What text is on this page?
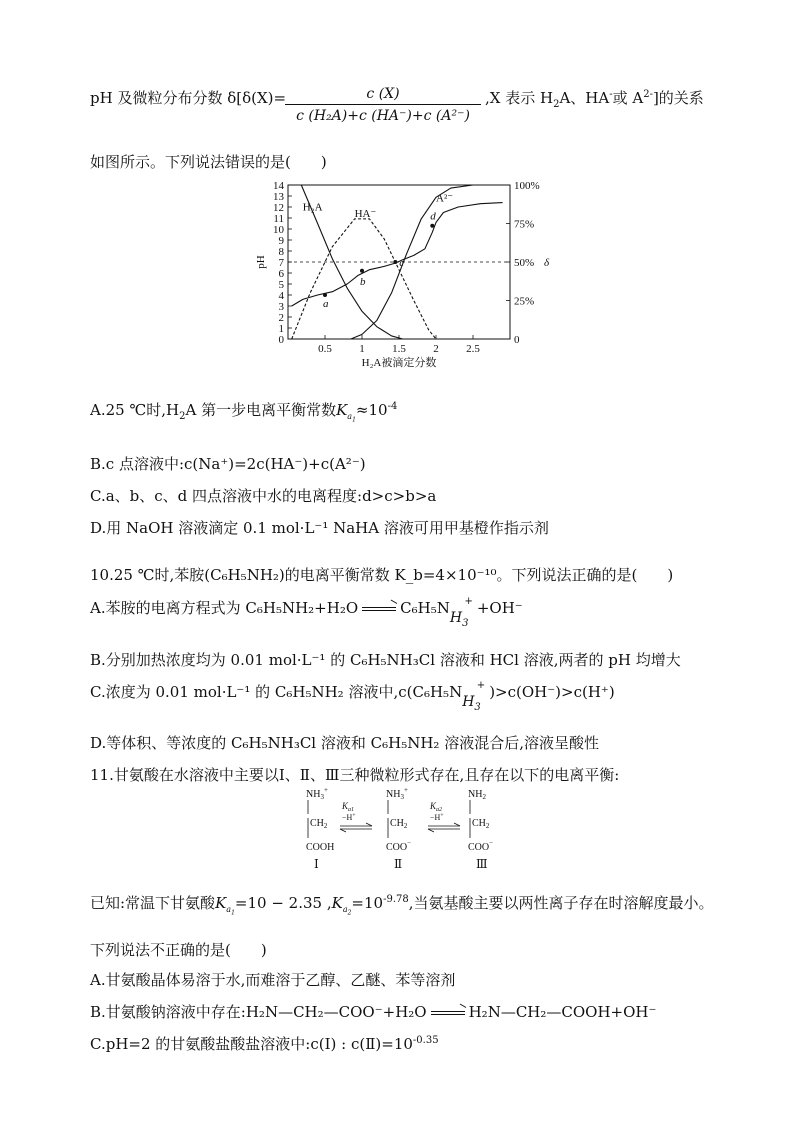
pH 及微粒分布分数 δ[δ(X)=
$\frac{c (X)}{\text{c (H₂A)+c (HA⁻)+c (A²⁻)}} ,X$ 表示 $H_2A$、HA-或 $A^{2-}$]的关系
如图所示。下列说法错误的是(　　)
0
1
2
3
4
5
6
7
8
9
10
11
12
13
14
0
25%
50%
75%
100%
0.5 1 1.5 2 2.5
H₂A被滴定分数
pH	δ
H₂A
HA⁻
A²⁻
a
b
c
d
A.25 ℃时$,H_2A$ 第一步电离平衡常数$K_{a_1}\approx 10^{-4}$
B.c 点溶液中:c(Na⁺)=2c(HA⁻)+c(A²⁻)
C.a、b、c、d 四点溶液中水的电离程度:d>c>b>a
D.用 NaOH 溶液滴定 0.1 mol·L⁻¹ NaHA 溶液可用甲基橙作指示剂
10.25 ℃时,苯胺(C₆H₅NH₂)的电离平衡常数 K_b=4×10⁻¹⁰。下列说法正确的是(　　)
A.苯胺的电离方程式为 C₆H₅NH₂+H₂O	$C_6H_5NH_3^+ +OH^-$
B.分别加热浓度均为 0.01 mol·L⁻¹ 的 C₆H₅NH₃Cl 溶液和 HCl 溶液,两者的 pH 均增大
C.浓度为 0.01 mol·L⁻¹ 的 C₆H₅NH₂ 溶液中$,c(C_6H_5NH_3^+$ )>c(OH⁻)>c(H⁺)
D.等体积、等浓度的 C₆H₅NH₃Cl 溶液和 C₆H₅NH₂ 溶液混合后,溶液呈酸性
11.甘氨酸在水溶液中主要以Ⅰ、Ⅱ、Ⅲ三种微粒形式存在,且存在以下的电离平衡:
$NH_3^+$
$CH_2$
COOH
Ⅰ
$K_{a1}$
−H+
$NH_3^+$
$CH_2$
COO−
Ⅱ
$K_{a2}$
−H+
$NH_2$
$CH_2$
COO−
Ⅲ
已知:常温下甘氨酸$K_{a_1}=10 - 2.35$ $,K_{a_2}=10^{-9.78}$,当氨基酸主要以两性离子存在时溶解度最小。
下列说法不正确的是(　　)
A.甘氨酸晶体易溶于水,而难溶于乙醇、乙醚、苯等溶剂
B.甘氨酸钠溶液中存在:H₂N—CH₂—COO⁻+H₂O	H₂N—CH₂—COOH+OH⁻
C.pH=2 的甘氨酸盐酸盐溶液中:c(Ⅰ) : $c(Ⅱ)=10^{-0.35}$
